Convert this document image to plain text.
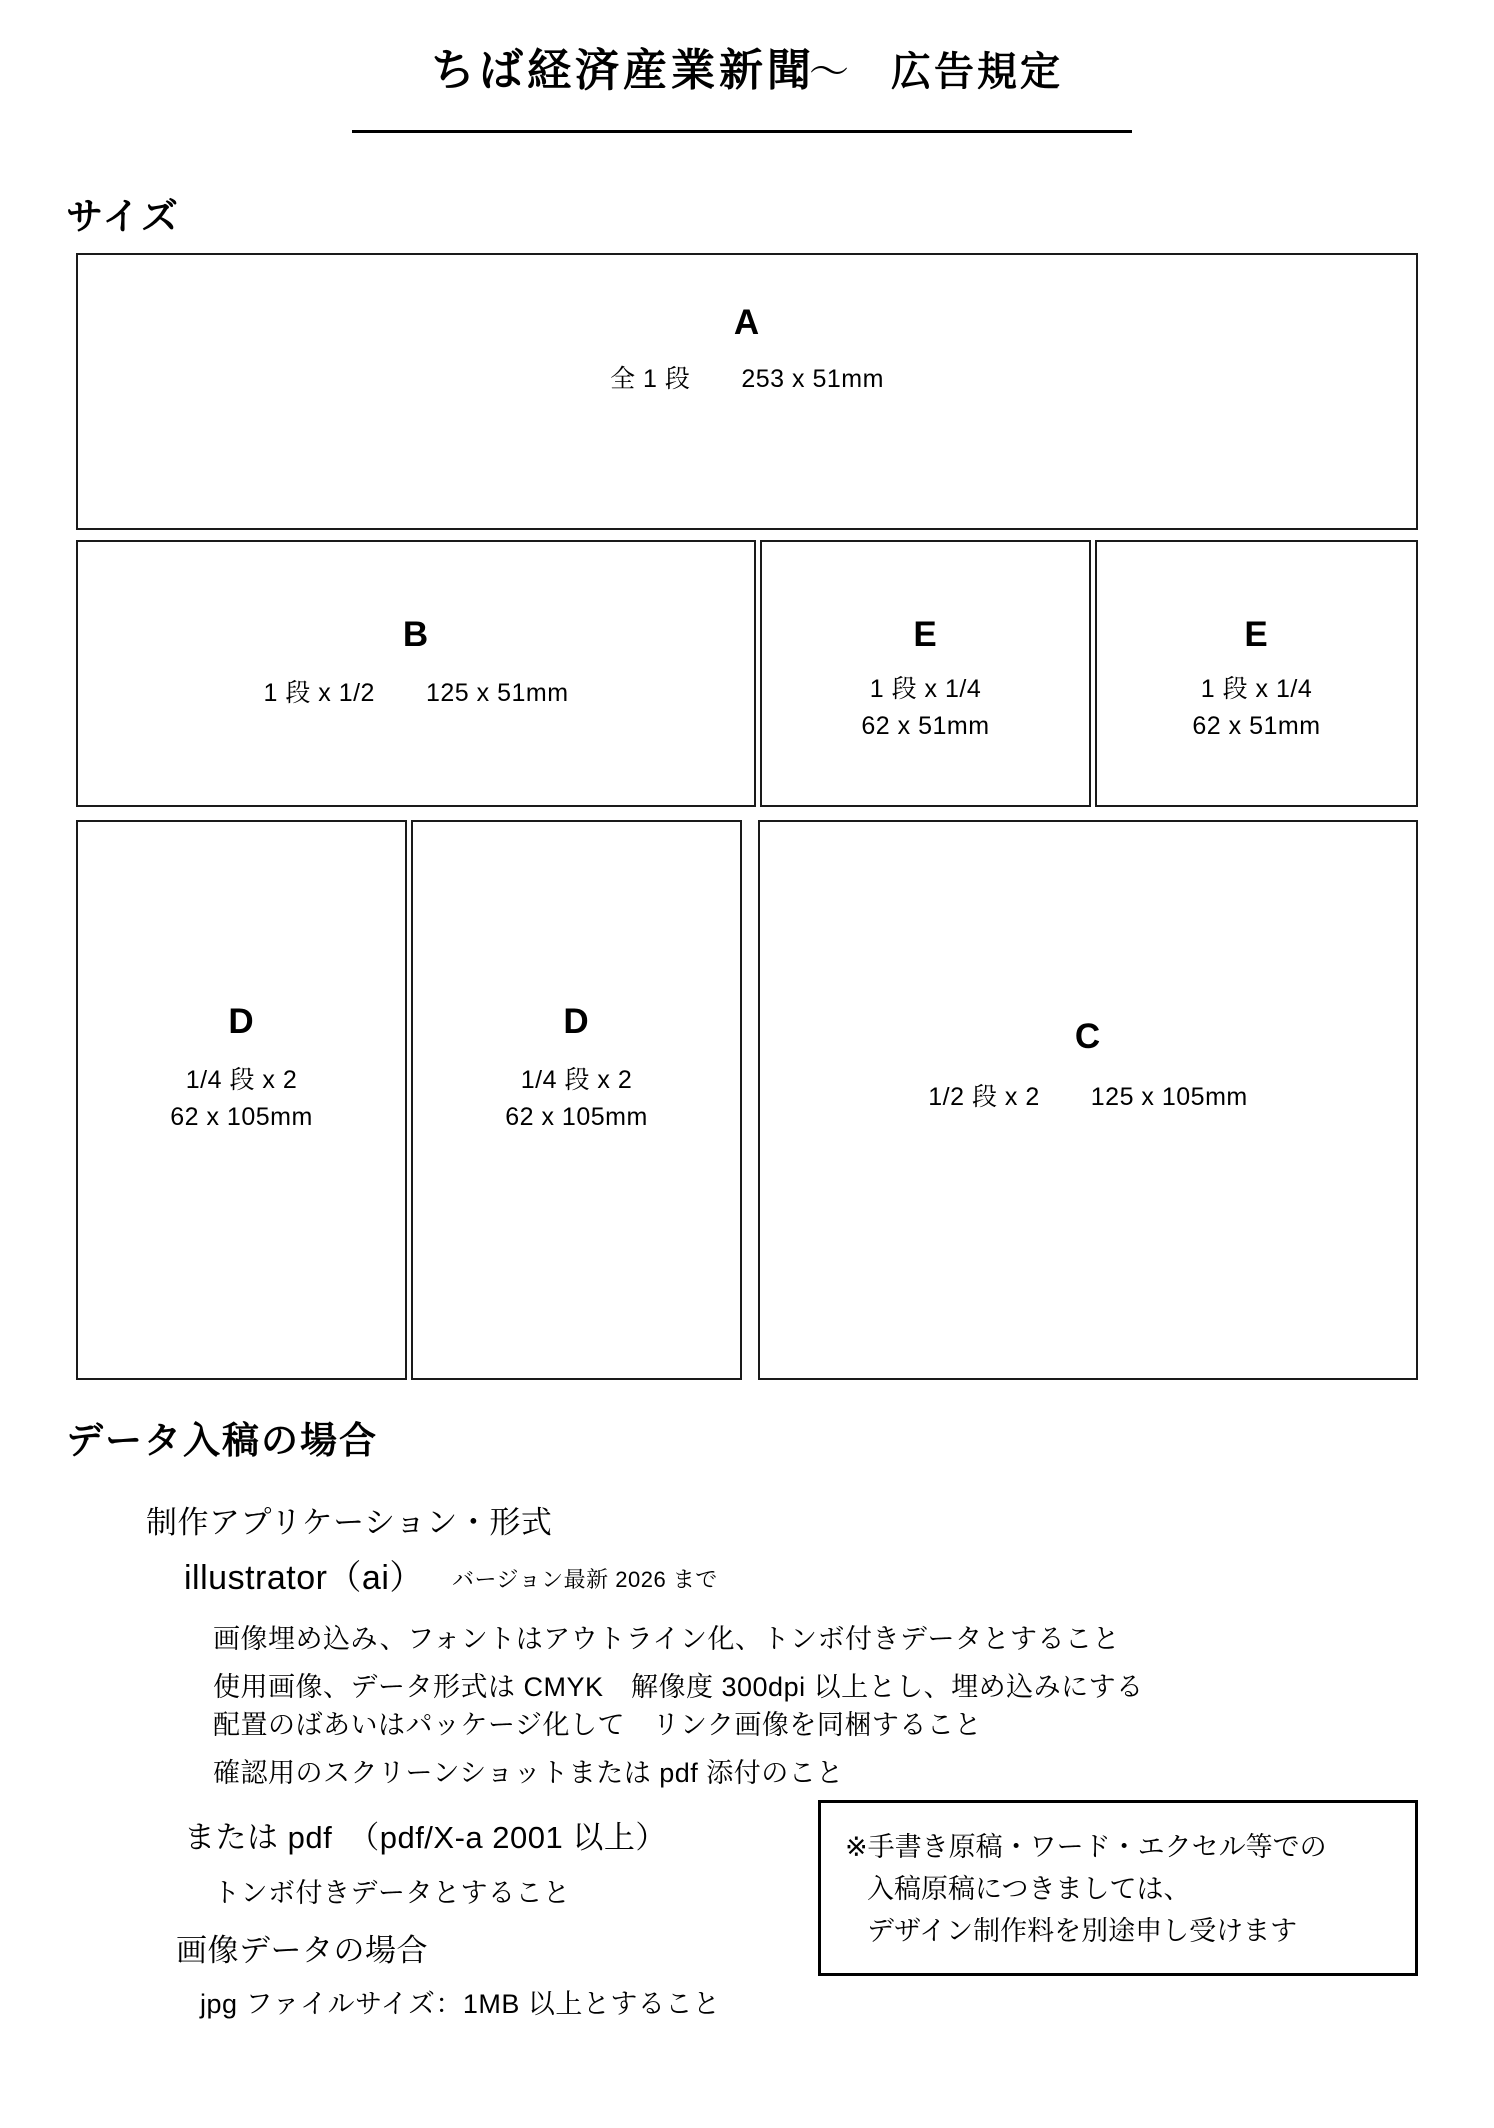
ちば経済産業新聞〜 広告規定
サイズ
A
全 1 段　　253 x 51mm
B
1 段 x 1/2　　125 x 51mm
E
1 段 x 1/4
62 x 51mm
E
1 段 x 1/4
62 x 51mm
D
1/4 段 x 2
62 x 105mm
D
1/4 段 x 2
62 x 105mm
C
1/2 段 x 2　　125 x 105mm
データ入稿の場合
制作アプリケーション・形式
illustrator（ai） バージョン最新 2026 まで
画像埋め込み、フォントはアウトライン化、トンボ付きデータとすること
使用画像、データ形式は CMYK　解像度 300dpi 以上とし、埋め込みにする
配置のばあいはパッケージ化して　リンク画像を同梱すること
確認用のスクリーンショットまたは pdf 添付のこと
または pdf　（pdf/X-a 2001 以上）
トンボ付きデータとすること
画像データの場合
jpg ファイルサイズ：1MB 以上とすること
※手書き原稿・ワード・エクセル等での
入稿原稿につきましては、
デザイン制作料を別途申し受けます
